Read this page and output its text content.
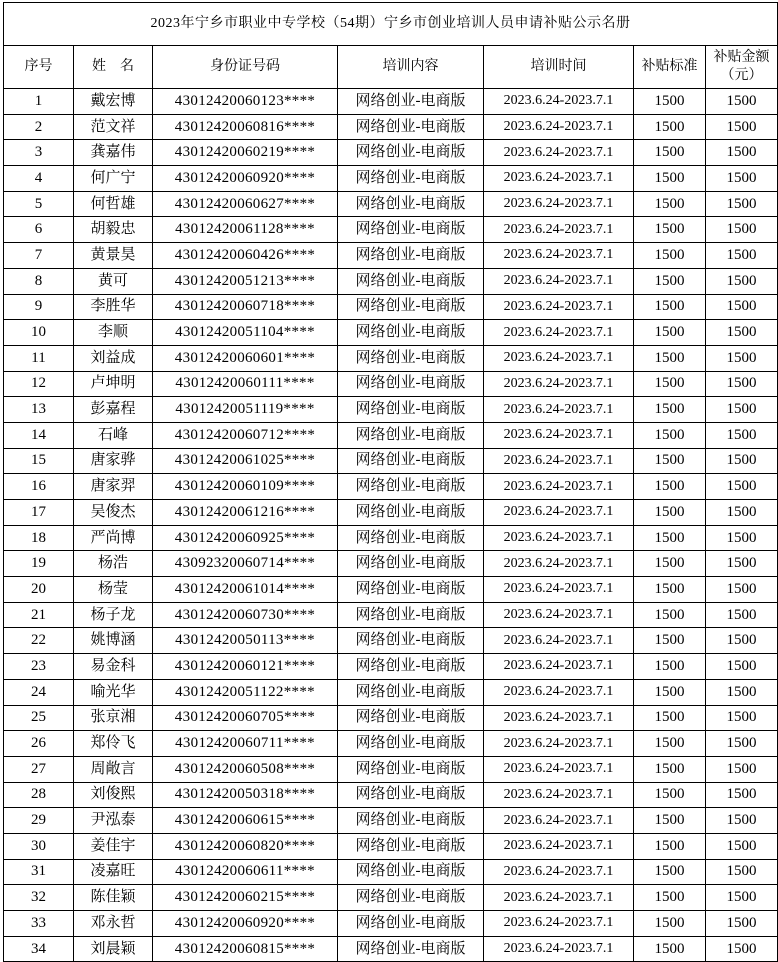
2023年宁乡市职业中专学校（54期）宁乡市创业培训人员申请补贴公示名册						
序号	姓　名	身份证号码	培训内容	培训时间	补贴标准	补贴金额（元）
1	戴宏博	43012420060123****	网络创业-电商版	2023.6.24-2023.7.1	1500	1500
2	范文祥	43012420060816****	网络创业-电商版	2023.6.24-2023.7.1	1500	1500
3	龚嘉伟	43012420060219****	网络创业-电商版	2023.6.24-2023.7.1	1500	1500
4	何广宁	43012420060920****	网络创业-电商版	2023.6.24-2023.7.1	1500	1500
5	何哲雄	43012420060627****	网络创业-电商版	2023.6.24-2023.7.1	1500	1500
6	胡毅忠	43012420061128****	网络创业-电商版	2023.6.24-2023.7.1	1500	1500
7	黄景昊	43012420060426****	网络创业-电商版	2023.6.24-2023.7.1	1500	1500
8	黄可	43012420051213****	网络创业-电商版	2023.6.24-2023.7.1	1500	1500
9	李胜华	43012420060718****	网络创业-电商版	2023.6.24-2023.7.1	1500	1500
10	李顺	43012420051104****	网络创业-电商版	2023.6.24-2023.7.1	1500	1500
11	刘益成	43012420060601****	网络创业-电商版	2023.6.24-2023.7.1	1500	1500
12	卢坤明	43012420060111****	网络创业-电商版	2023.6.24-2023.7.1	1500	1500
13	彭嘉程	43012420051119****	网络创业-电商版	2023.6.24-2023.7.1	1500	1500
14	石峰	43012420060712****	网络创业-电商版	2023.6.24-2023.7.1	1500	1500
15	唐家骅	43012420061025****	网络创业-电商版	2023.6.24-2023.7.1	1500	1500
16	唐家羿	43012420060109****	网络创业-电商版	2023.6.24-2023.7.1	1500	1500
17	吴俊杰	43012420061216****	网络创业-电商版	2023.6.24-2023.7.1	1500	1500
18	严尚博	43012420060925****	网络创业-电商版	2023.6.24-2023.7.1	1500	1500
19	杨浩	43092320060714****	网络创业-电商版	2023.6.24-2023.7.1	1500	1500
20	杨莹	43012420061014****	网络创业-电商版	2023.6.24-2023.7.1	1500	1500
21	杨子龙	43012420060730****	网络创业-电商版	2023.6.24-2023.7.1	1500	1500
22	姚博涵	43012420050113****	网络创业-电商版	2023.6.24-2023.7.1	1500	1500
23	易金科	43012420060121****	网络创业-电商版	2023.6.24-2023.7.1	1500	1500
24	喻光华	43012420051122****	网络创业-电商版	2023.6.24-2023.7.1	1500	1500
25	张京湘	43012420060705****	网络创业-电商版	2023.6.24-2023.7.1	1500	1500
26	郑伶飞	43012420060711****	网络创业-电商版	2023.6.24-2023.7.1	1500	1500
27	周敞言	43012420060508****	网络创业-电商版	2023.6.24-2023.7.1	1500	1500
28	刘俊熙	43012420050318****	网络创业-电商版	2023.6.24-2023.7.1	1500	1500
29	尹泓泰	43012420060615****	网络创业-电商版	2023.6.24-2023.7.1	1500	1500
30	姜佳宇	43012420060820****	网络创业-电商版	2023.6.24-2023.7.1	1500	1500
31	凌嘉旺	43012420060611****	网络创业-电商版	2023.6.24-2023.7.1	1500	1500
32	陈佳颖	43012420060215****	网络创业-电商版	2023.6.24-2023.7.1	1500	1500
33	邓永哲	43012420060920****	网络创业-电商版	2023.6.24-2023.7.1	1500	1500
34	刘晨颖	43012420060815****	网络创业-电商版	2023.6.24-2023.7.1	1500	1500
